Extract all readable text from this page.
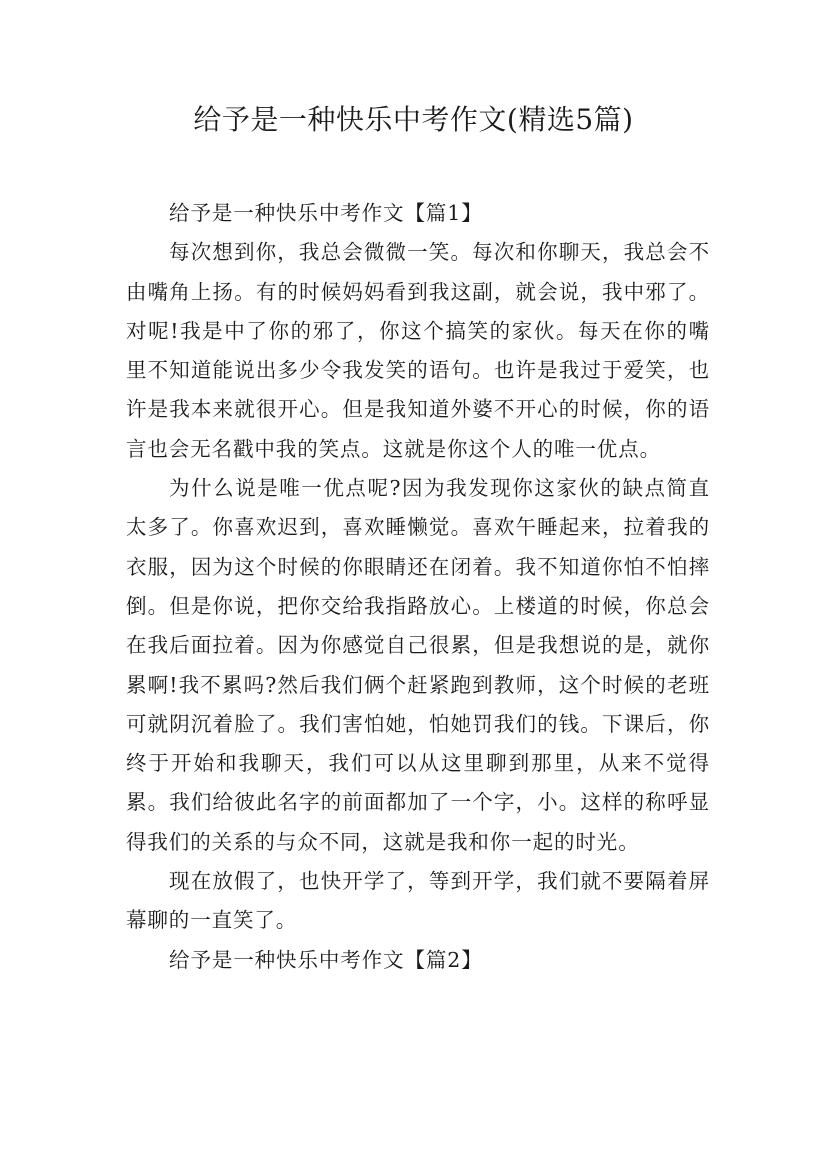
给予是一种快乐中考作文(精选5篇)

给予是一种快乐中考作文【篇1】

每次想到你，我总会微微一笑。每次和你聊天，我总会不由嘴角上扬。有的时候妈妈看到我这副，就会说，我中邪了。对呢!我是中了你的邪了，你这个搞笑的家伙。每天在你的嘴里不知道能说出多少令我发笑的语句。也许是我过于爱笑，也许是我本来就很开心。但是我知道外婆不开心的时候，你的语言也会无名戳中我的笑点。这就是你这个人的唯一优点。

为什么说是唯一优点呢?因为我发现你这家伙的缺点简直太多了。你喜欢迟到，喜欢睡懒觉。喜欢午睡起来，拉着我的衣服，因为这个时候的你眼睛还在闭着。我不知道你怕不怕摔倒。但是你说，把你交给我指路放心。上楼道的时候，你总会在我后面拉着。因为你感觉自己很累，但是我想说的是，就你累啊!我不累吗?然后我们俩个赶紧跑到教师，这个时候的老班可就阴沉着脸了。我们害怕她，怕她罚我们的钱。下课后，你终于开始和我聊天，我们可以从这里聊到那里，从来不觉得累。我们给彼此名字的前面都加了一个字，小。这样的称呼显得我们的关系的与众不同，这就是我和你一起的时光。

现在放假了，也快开学了，等到开学，我们就不要隔着屏幕聊的一直笑了。

给予是一种快乐中考作文【篇2】
